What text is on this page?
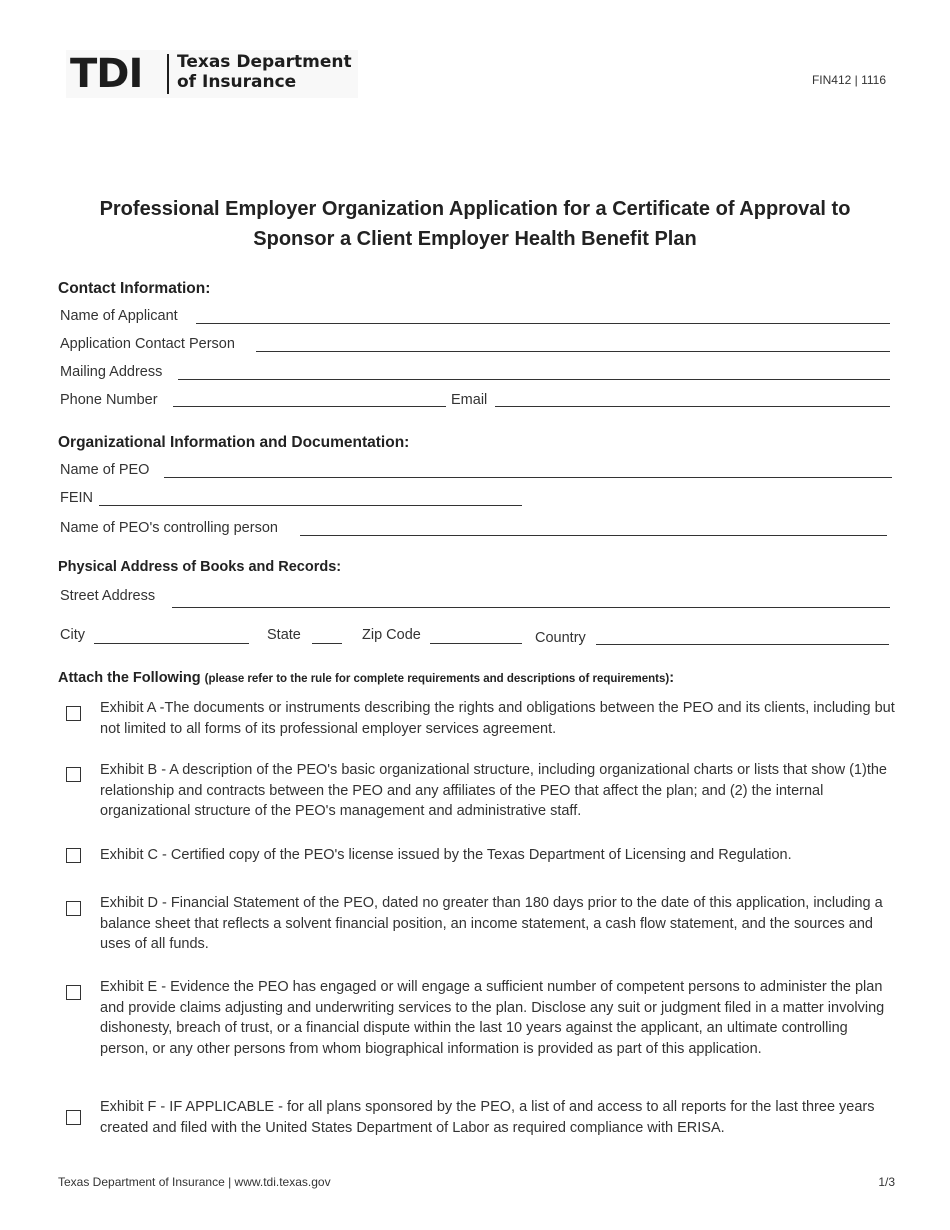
TDI Texas Department
of Insurance	FIN412 | 1116
Professional Employer Organization Application for a Certificate of Approval to
Sponsor a Client Employer Health Benefit Plan
Contact Information:
Name of Applicant
Application Contact Person
Mailing Address
Phone Number	Email
Organizational Information and Documentation:
Name of PEO
FEIN
Name of PEO's controlling person
Physical Address of Books and Records:
Street Address
City	State	Zip Code	Country
Attach the Following (please refer to the rule for complete requirements and descriptions of requirements):
Exhibit A -The documents or instruments describing the rights and obligations between the PEO and its clients, including but not limited to all forms of its professional employer services agreement.
Exhibit B - A description of the PEO's basic organizational structure, including organizational charts or lists that show (1)the relationship and contracts between the PEO and any affiliates of the PEO that affect the plan; and (2) the internal organizational structure of the PEO's management and administrative staff.
Exhibit C - Certified copy of the PEO's license issued by the Texas Department of Licensing and Regulation.
Exhibit D - Financial Statement of the PEO, dated no greater than 180 days prior to the date of this application, including a balance sheet that reflects a solvent financial position, an income statement, a cash flow statement, and the sources and uses of all funds.
Exhibit E - Evidence the PEO has engaged or will engage a sufficient number of competent persons to administer the plan and provide claims adjusting and underwriting services to the plan. Disclose any suit or judgment filed in a matter involving dishonesty, breach of trust, or a financial dispute within the last 10 years against the applicant, an ultimate controlling person, or any other persons from whom biographical information is provided as part of this application.
Exhibit F - IF APPLICABLE - for all plans sponsored by the PEO, a list of and access to all reports for the last three years created and filed with the United States Department of Labor as required compliance with ERISA.
Texas Department of Insurance | www.tdi.texas.gov	1/3
